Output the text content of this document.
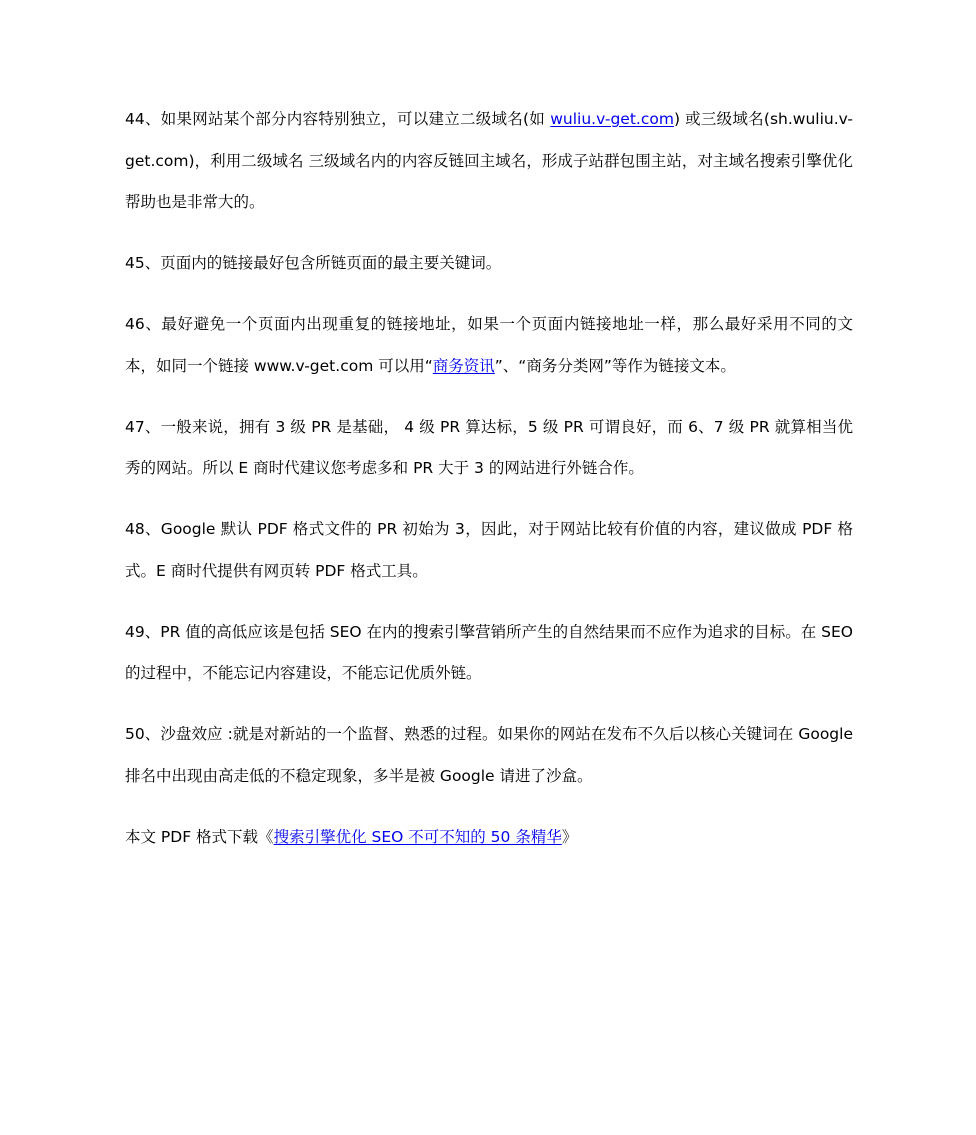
44、如果网站某个部分内容特别独立，可以建立二级域名(如 wuliu.v-get.com) 或三级域名(sh.wuliu.v-get.com)，利用二级域名 三级域名内的内容反链回主域名，形成子站群包围主站，对主域名搜索引擎优化帮助也是非常大的。

45、页面内的链接最好包含所链页面的最主要关键词。

46、最好避免一个页面内出现重复的链接地址，如果一个页面内链接地址一样，那么最好采用不同的文本，如同一个链接 www.v-get.com 可以用“商务资讯”、“商务分类网”等作为链接文本。

47、一般来说，拥有 3 级 PR 是基础， 4 级 PR 算达标，5 级 PR 可谓良好，而 6、7 级 PR 就算相当优秀的网站。所以 E 商时代建议您考虑多和 PR 大于 3 的网站进行外链合作。

48、Google 默认 PDF 格式文件的 PR 初始为 3，因此，对于网站比较有价值的内容，建议做成 PDF 格式。E 商时代提供有网页转 PDF 格式工具。

49、PR 值的高低应该是包括 SEO 在内的搜索引擎营销所产生的自然结果而不应作为追求的目标。在 SEO 的过程中，不能忘记内容建设，不能忘记优质外链。

50、沙盘效应 :就是对新站的一个监督、熟悉的过程。如果你的网站在发布不久后以核心关键词在 Google 排名中出现由高走低的不稳定现象，多半是被 Google 请进了沙盒。

本文 PDF 格式下载《搜索引擎优化 SEO 不可不知的 50 条精华》
